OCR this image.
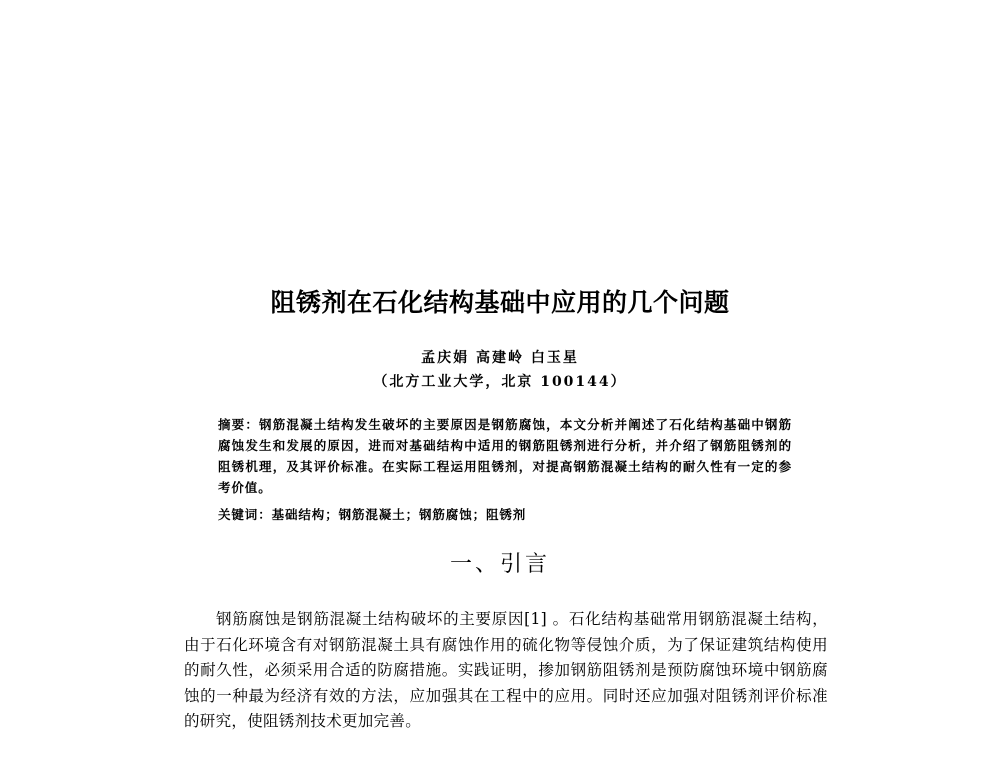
阻锈剂在石化结构基础中应用的几个问题
孟庆娟 高建岭 白玉星
（北方工业大学，北京 100144）
摘要：钢筋混凝土结构发生破坏的主要原因是钢筋腐蚀，本文分析并阐述了石化结构基础中钢筋腐蚀发生和发展的原因，进而对基础结构中适用的钢筋阻锈剂进行分析，并介绍了钢筋阻锈剂的阻锈机理，及其评价标准。在实际工程运用阻锈剂，对提高钢筋混凝土结构的耐久性有一定的参考价值。
关键词：基础结构；钢筋混凝土；钢筋腐蚀；阻锈剂
一、引言
钢筋腐蚀是钢筋混凝土结构破坏的主要原因[1] 。石化结构基础常用钢筋混凝土结构，由于石化环境含有对钢筋混凝土具有腐蚀作用的硫化物等侵蚀介质，为了保证建筑结构使用的耐久性，必须采用合适的防腐措施。实践证明，掺加钢筋阻锈剂是预防腐蚀环境中钢筋腐蚀的一种最为经济有效的方法，应加强其在工程中的应用。同时还应加强对阻锈剂评价标准的研究，使阻锈剂技术更加完善。
